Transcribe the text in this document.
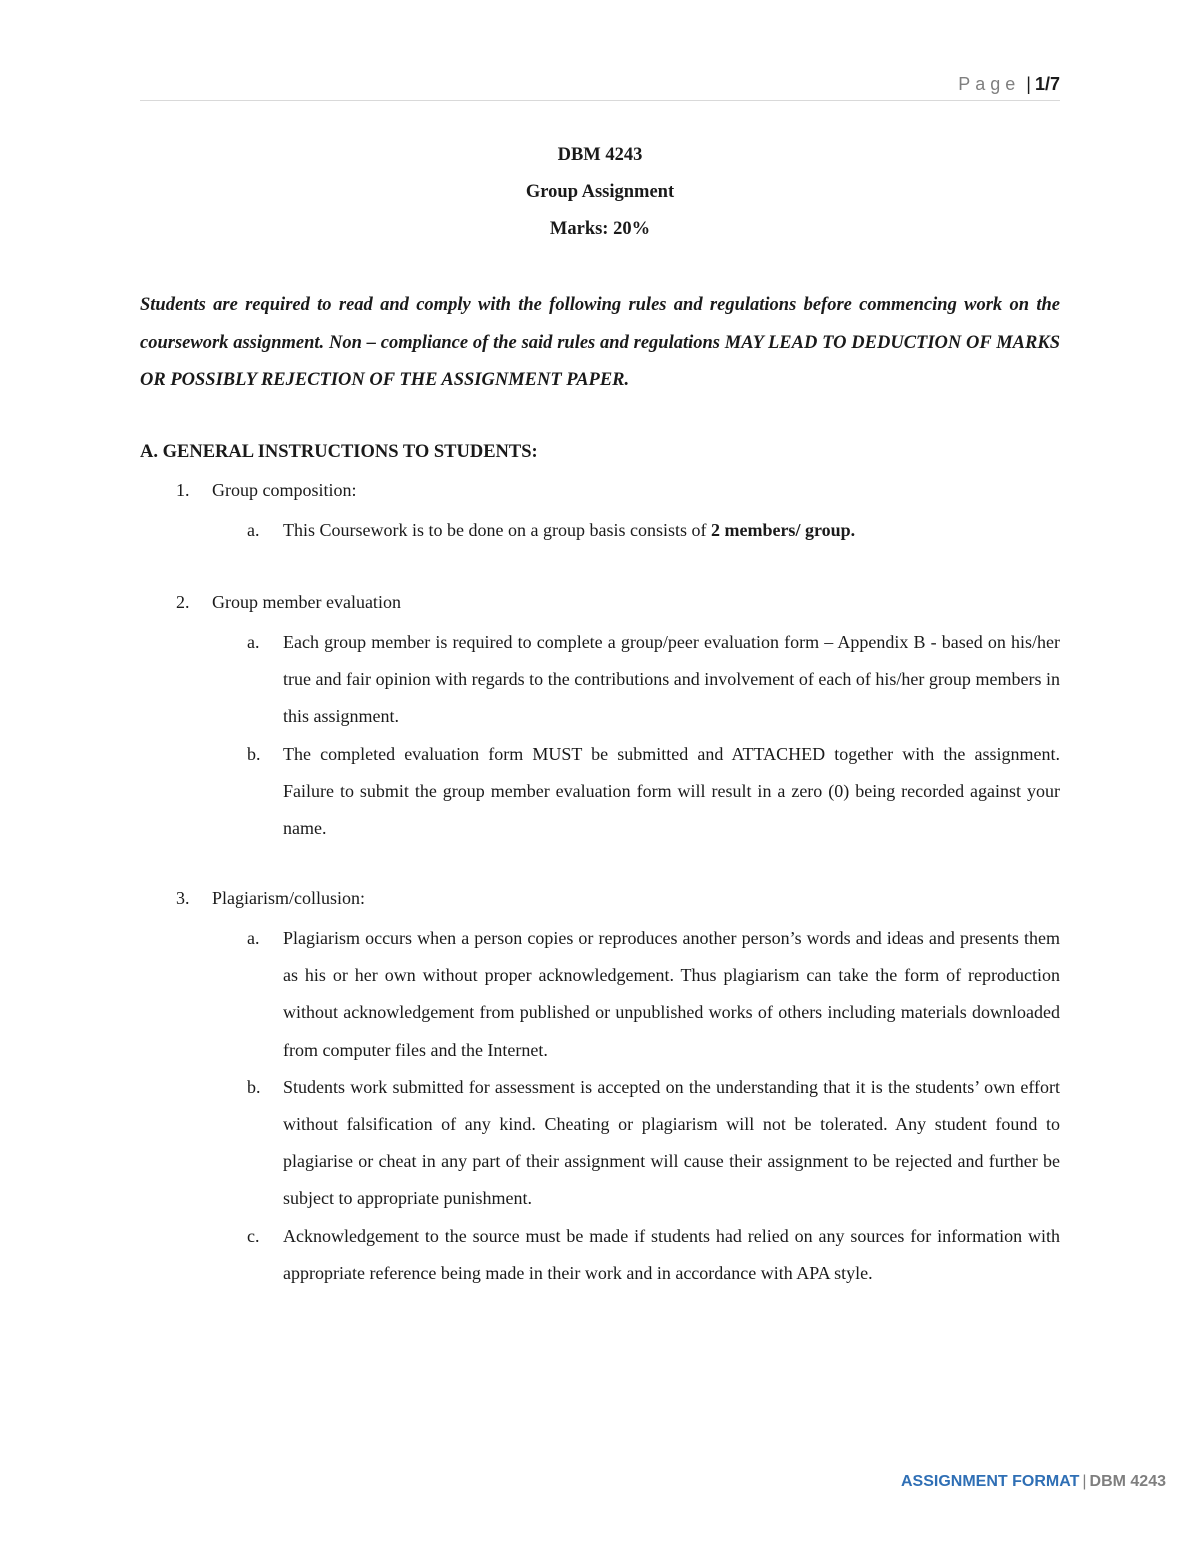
Page | 1/7
DBM 4243
Group Assignment
Marks: 20%
Students are required to read and comply with the following rules and regulations before commencing work on the coursework assignment. Non – compliance of the said rules and regulations MAY LEAD TO DEDUCTION OF MARKS OR POSSIBLY REJECTION OF THE ASSIGNMENT PAPER.
A. GENERAL INSTRUCTIONS TO STUDENTS:
1. Group composition:
a. This Coursework is to be done on a group basis consists of 2 members/ group.
2. Group member evaluation
a. Each group member is required to complete a group/peer evaluation form – Appendix B - based on his/her true and fair opinion with regards to the contributions and involvement of each of his/her group members in this assignment.
b. The completed evaluation form MUST be submitted and ATTACHED together with the assignment. Failure to submit the group member evaluation form will result in a zero (0) being recorded against your name.
3. Plagiarism/collusion:
a. Plagiarism occurs when a person copies or reproduces another person’s words and ideas and presents them as his or her own without proper acknowledgement. Thus plagiarism can take the form of reproduction without acknowledgement from published or unpublished works of others including materials downloaded from computer files and the Internet.
b. Students work submitted for assessment is accepted on the understanding that it is the students’ own effort without falsification of any kind. Cheating or plagiarism will not be tolerated. Any student found to plagiarise or cheat in any part of their assignment will cause their assignment to be rejected and further be subject to appropriate punishment.
c. Acknowledgement to the source must be made if students had relied on any sources for information with appropriate reference being made in their work and in accordance with APA style.
ASSIGNMENT FORMAT | DBM 4243
